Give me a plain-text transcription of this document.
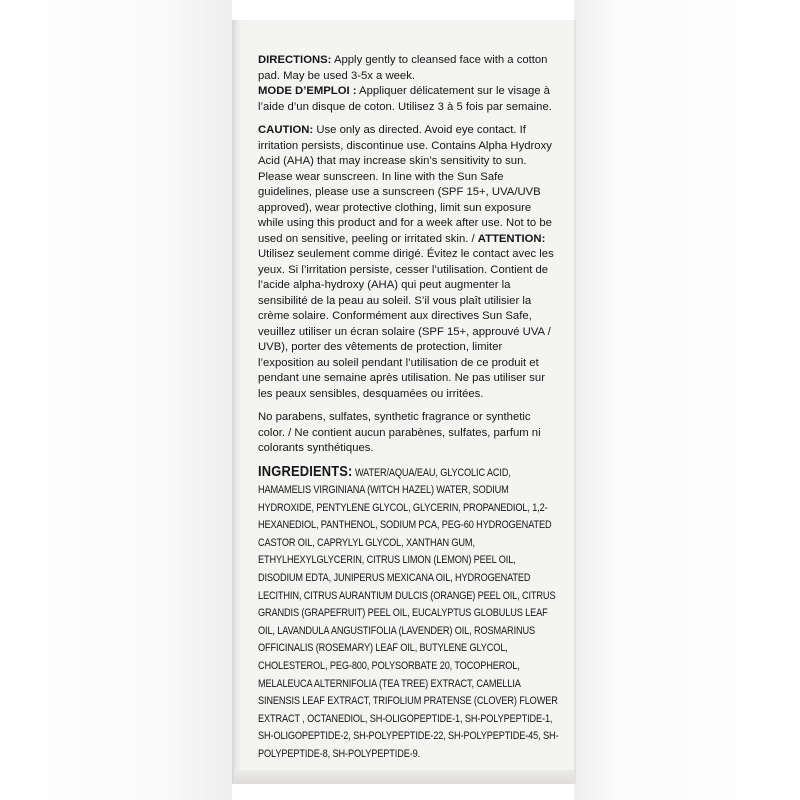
DIRECTIONS: Apply gently to cleansed face with a cotton pad. May be used 3-5x a week.
MODE D’EMPLOI : Appliquer délicatement sur le visage à l’aide d’un disque de coton. Utilisez 3 à 5 fois par semaine.

CAUTION: Use only as directed. Avoid eye contact. If irritation persists, discontinue use. Contains Alpha Hydroxy Acid (AHA) that may increase skin’s sensitivity to sun. Please wear sunscreen. In line with the Sun Safe guidelines, please use a sunscreen (SPF 15+, UVA/UVB approved), wear protective clothing, limit sun exposure while using this product and for a week after use. Not to be used on sensitive, peeling or irritated skin. / ATTENTION: Utilisez seulement comme dirigé. Évitez le contact avec les yeux. Si l’irritation persiste, cesser l’utilisation. Contient de l’acide alpha-hydroxy (AHA) qui peut augmenter la sensibilité de la peau au soleil. S’il vous plaît utilisier la crème solaire. Conformément aux directives Sun Safe, veuillez utiliser un écran solaire (SPF 15+, approuvé UVA / UVB), porter des vêtements de protection, limiter l’exposition au soleil pendant l’utilisation de ce produit et pendant une semaine après utilisation. Ne pas utiliser sur les peaux sensibles, desquamées ou irritées.

No parabens, sulfates, synthetic fragrance or synthetic color. / Ne contient aucun parabènes, sulfates, parfum ni colorants synthétiques.

INGREDIENTS: WATER/AQUA/EAU, GLYCOLIC ACID, HAMAMELIS VIRGINIANA (WITCH HAZEL) WATER, SODIUM HYDROXIDE, PENTYLENE GLYCOL, GLYCERIN, PROPANEDIOL, 1,2-HEXANEDIOL, PANTHENOL, SODIUM PCA, PEG-60 HYDROGENATED CASTOR OIL, CAPRYLYL GLYCOL, XANTHAN GUM, ETHYLHEXYLGLYCERIN, CITRUS LIMON (LEMON) PEEL OIL, DISODIUM EDTA, JUNIPERUS MEXICANA OIL, HYDROGENATED LECITHIN, CITRUS AURANTIUM DULCIS (ORANGE) PEEL OIL, CITRUS GRANDIS (GRAPEFRUIT) PEEL OIL, EUCALYPTUS GLOBULUS LEAF OIL, LAVANDULA ANGUSTIFOLIA (LAVENDER) OIL, ROSMARINUS OFFICINALIS (ROSEMARY) LEAF OIL, BUTYLENE GLYCOL, CHOLESTEROL, PEG-800, POLYSORBATE 20, TOCOPHEROL, MELALEUCA ALTERNIFOLIA (TEA TREE) EXTRACT, CAMELLIA SINENSIS LEAF EXTRACT, TRIFOLIUM PRATENSE (CLOVER) FLOWER EXTRACT , OCTANEDIOL, SH-OLIGOPEPTIDE-1, SH-POLYPEPTIDE-1, SH-OLIGOPEPTIDE-2, SH-POLYPEPTIDE-22, SH-POLYPEPTIDE-45, SH-POLYPEPTIDE-8, SH-POLYPEPTIDE-9.
